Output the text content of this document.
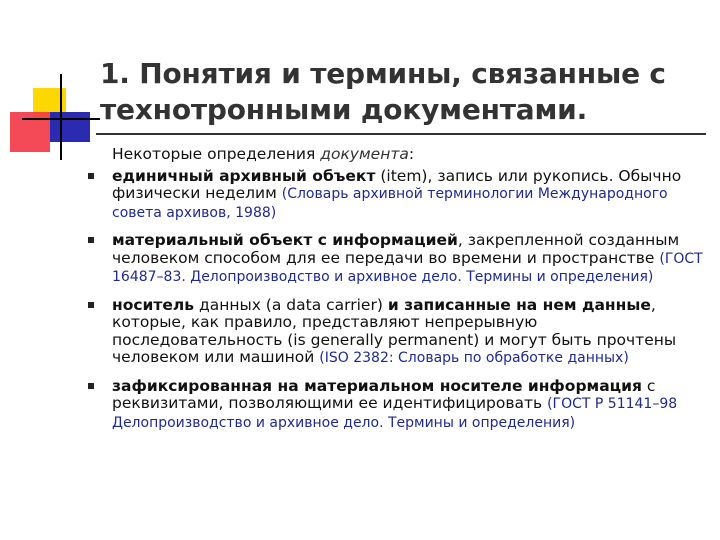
1. Понятия и термины, связанные с
технотронными документами.

Некоторые определения документа:

единичный архивный объект (item), запись или рукопись. Обычно физически неделим (Словарь архивной терминологии Международного совета архивов, 1988)
материальный объект с информацией, закрепленной созданным человеком способом для ее передачи во времени и пространстве (ГОСТ 16487–83. Делопроизводство и архивное дело. Термины и определения)
носитель данных (a data carrier) и записанные на нем данные, которые, как правило, представляют непрерывную последовательность (is generally permanent) и могут быть прочтены человеком или машиной (ISO 2382: Словарь по обработке данных)
зафиксированная на материальном носителе информация с реквизитами, позволяющими ее идентифицировать (ГОСТ Р 51141–98 Делопроизводство и архивное дело. Термины и определения)
